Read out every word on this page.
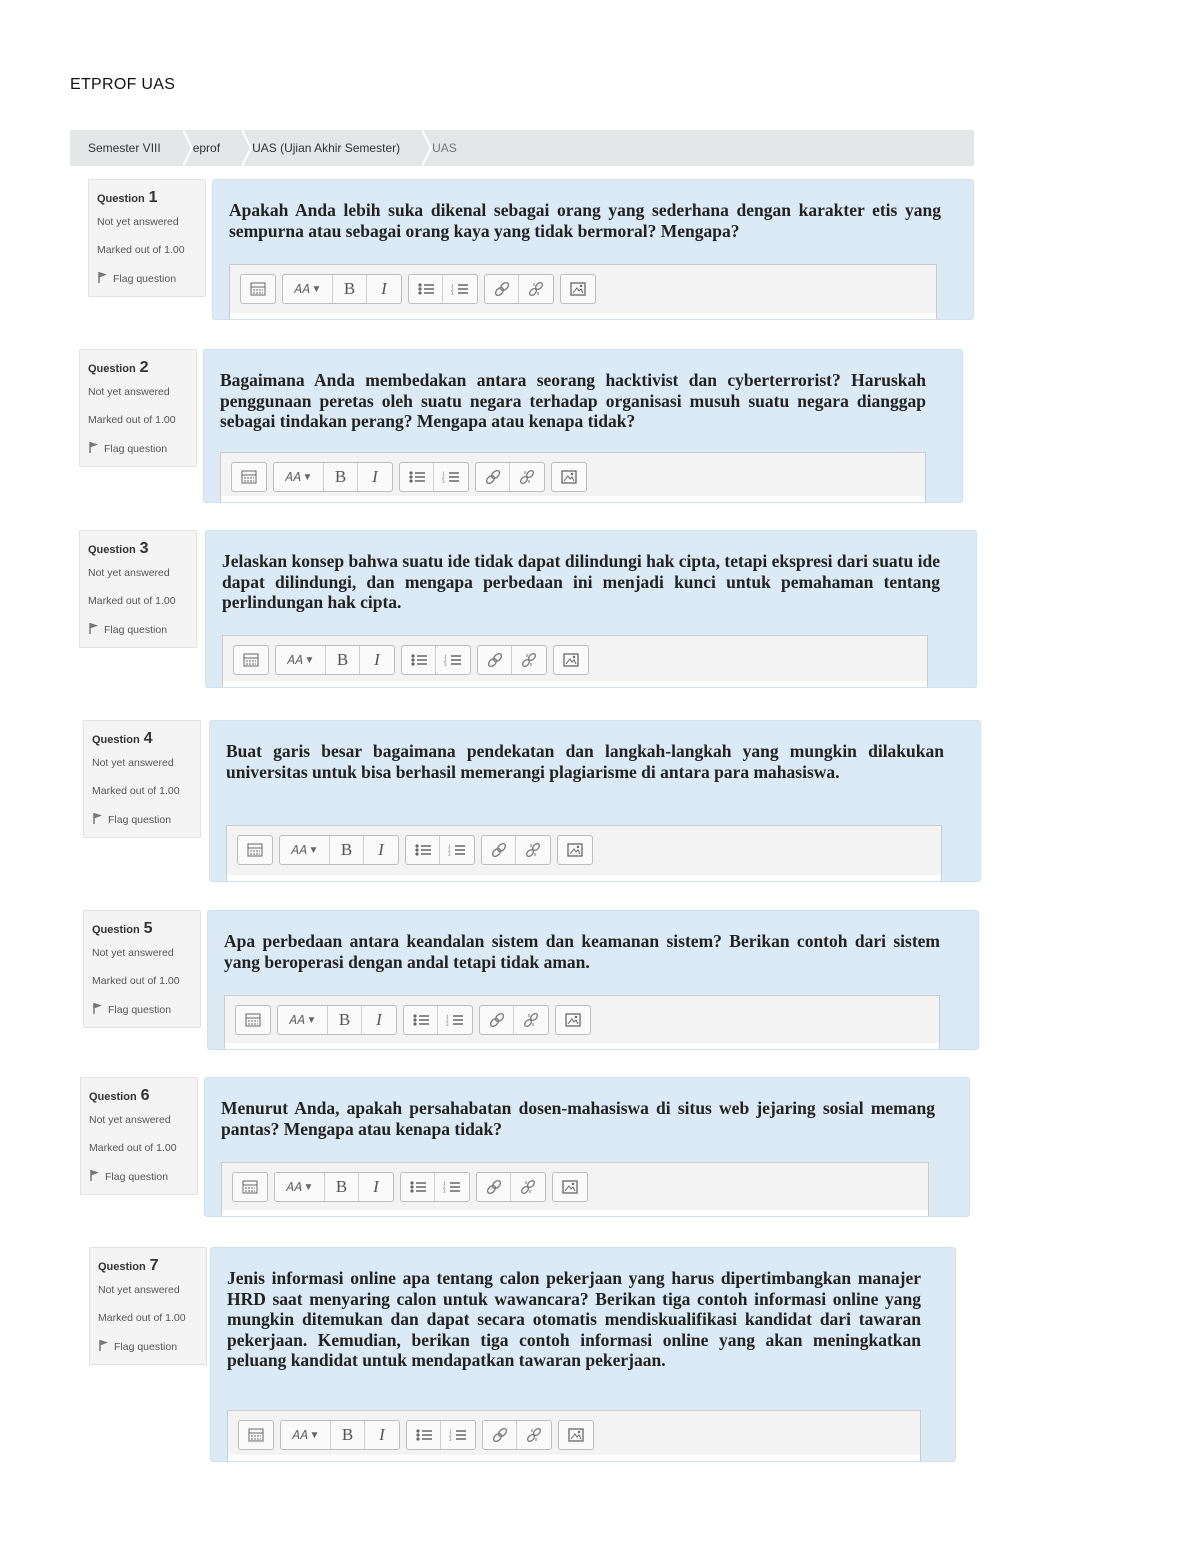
ETPROF UAS
Semester VIII	eprof	UAS (Ujian Akhir Semester)	UAS
Question 1
Not yet answered
Marked out of 1.00
Flag question
Apakah Anda lebih suka dikenal sebagai orang yang sederhana dengan karakter etis yang sempurna atau sebagai orang kaya yang tidak bermoral? Mengapa?
𝐴𝐴 ▼ B I	1
2
3
Question 2
Not yet answered
Marked out of 1.00
Flag question
Bagaimana Anda membedakan antara seorang hacktivist dan cyberterrorist? Haruskah penggunaan peretas oleh suatu negara terhadap organisasi musuh suatu negara dianggap sebagai tindakan perang? Mengapa atau kenapa tidak?
𝐴𝐴 ▼ B I	1
2
3
Question 3
Not yet answered
Marked out of 1.00
Flag question
Jelaskan konsep bahwa suatu ide tidak dapat dilindungi hak cipta, tetapi ekspresi dari suatu ide dapat dilindungi, dan mengapa perbedaan ini menjadi kunci untuk pemahaman tentang perlindungan hak cipta.
𝐴𝐴 ▼ B I	1
2
3
Question 4
Not yet answered
Marked out of 1.00
Flag question
Buat garis besar bagaimana pendekatan dan langkah-langkah yang mungkin dilakukan universitas untuk bisa berhasil memerangi plagiarisme di antara para mahasiswa.
𝐴𝐴 ▼ B I	1
2
3
Question 5
Not yet answered
Marked out of 1.00
Flag question
Apa perbedaan antara keandalan sistem dan keamanan sistem? Berikan contoh dari sistem yang beroperasi dengan andal tetapi tidak aman.
𝐴𝐴 ▼ B I	1
2
3
Question 6
Not yet answered
Marked out of 1.00
Flag question
Menurut Anda, apakah persahabatan dosen-mahasiswa di situs web jejaring sosial memang pantas? Mengapa atau kenapa tidak?
𝐴𝐴 ▼ B I	1
2
3
Question 7
Not yet answered
Marked out of 1.00
Flag question
Jenis informasi online apa tentang calon pekerjaan yang harus dipertimbangkan manajer HRD saat menyaring calon untuk wawancara? Berikan tiga contoh informasi online yang mungkin ditemukan dan dapat secara otomatis mendiskualifikasi kandidat dari tawaran pekerjaan. Kemudian, berikan tiga contoh informasi online yang akan meningkatkan peluang kandidat untuk mendapatkan tawaran pekerjaan.
𝐴𝐴 ▼ B I	1
2
3
